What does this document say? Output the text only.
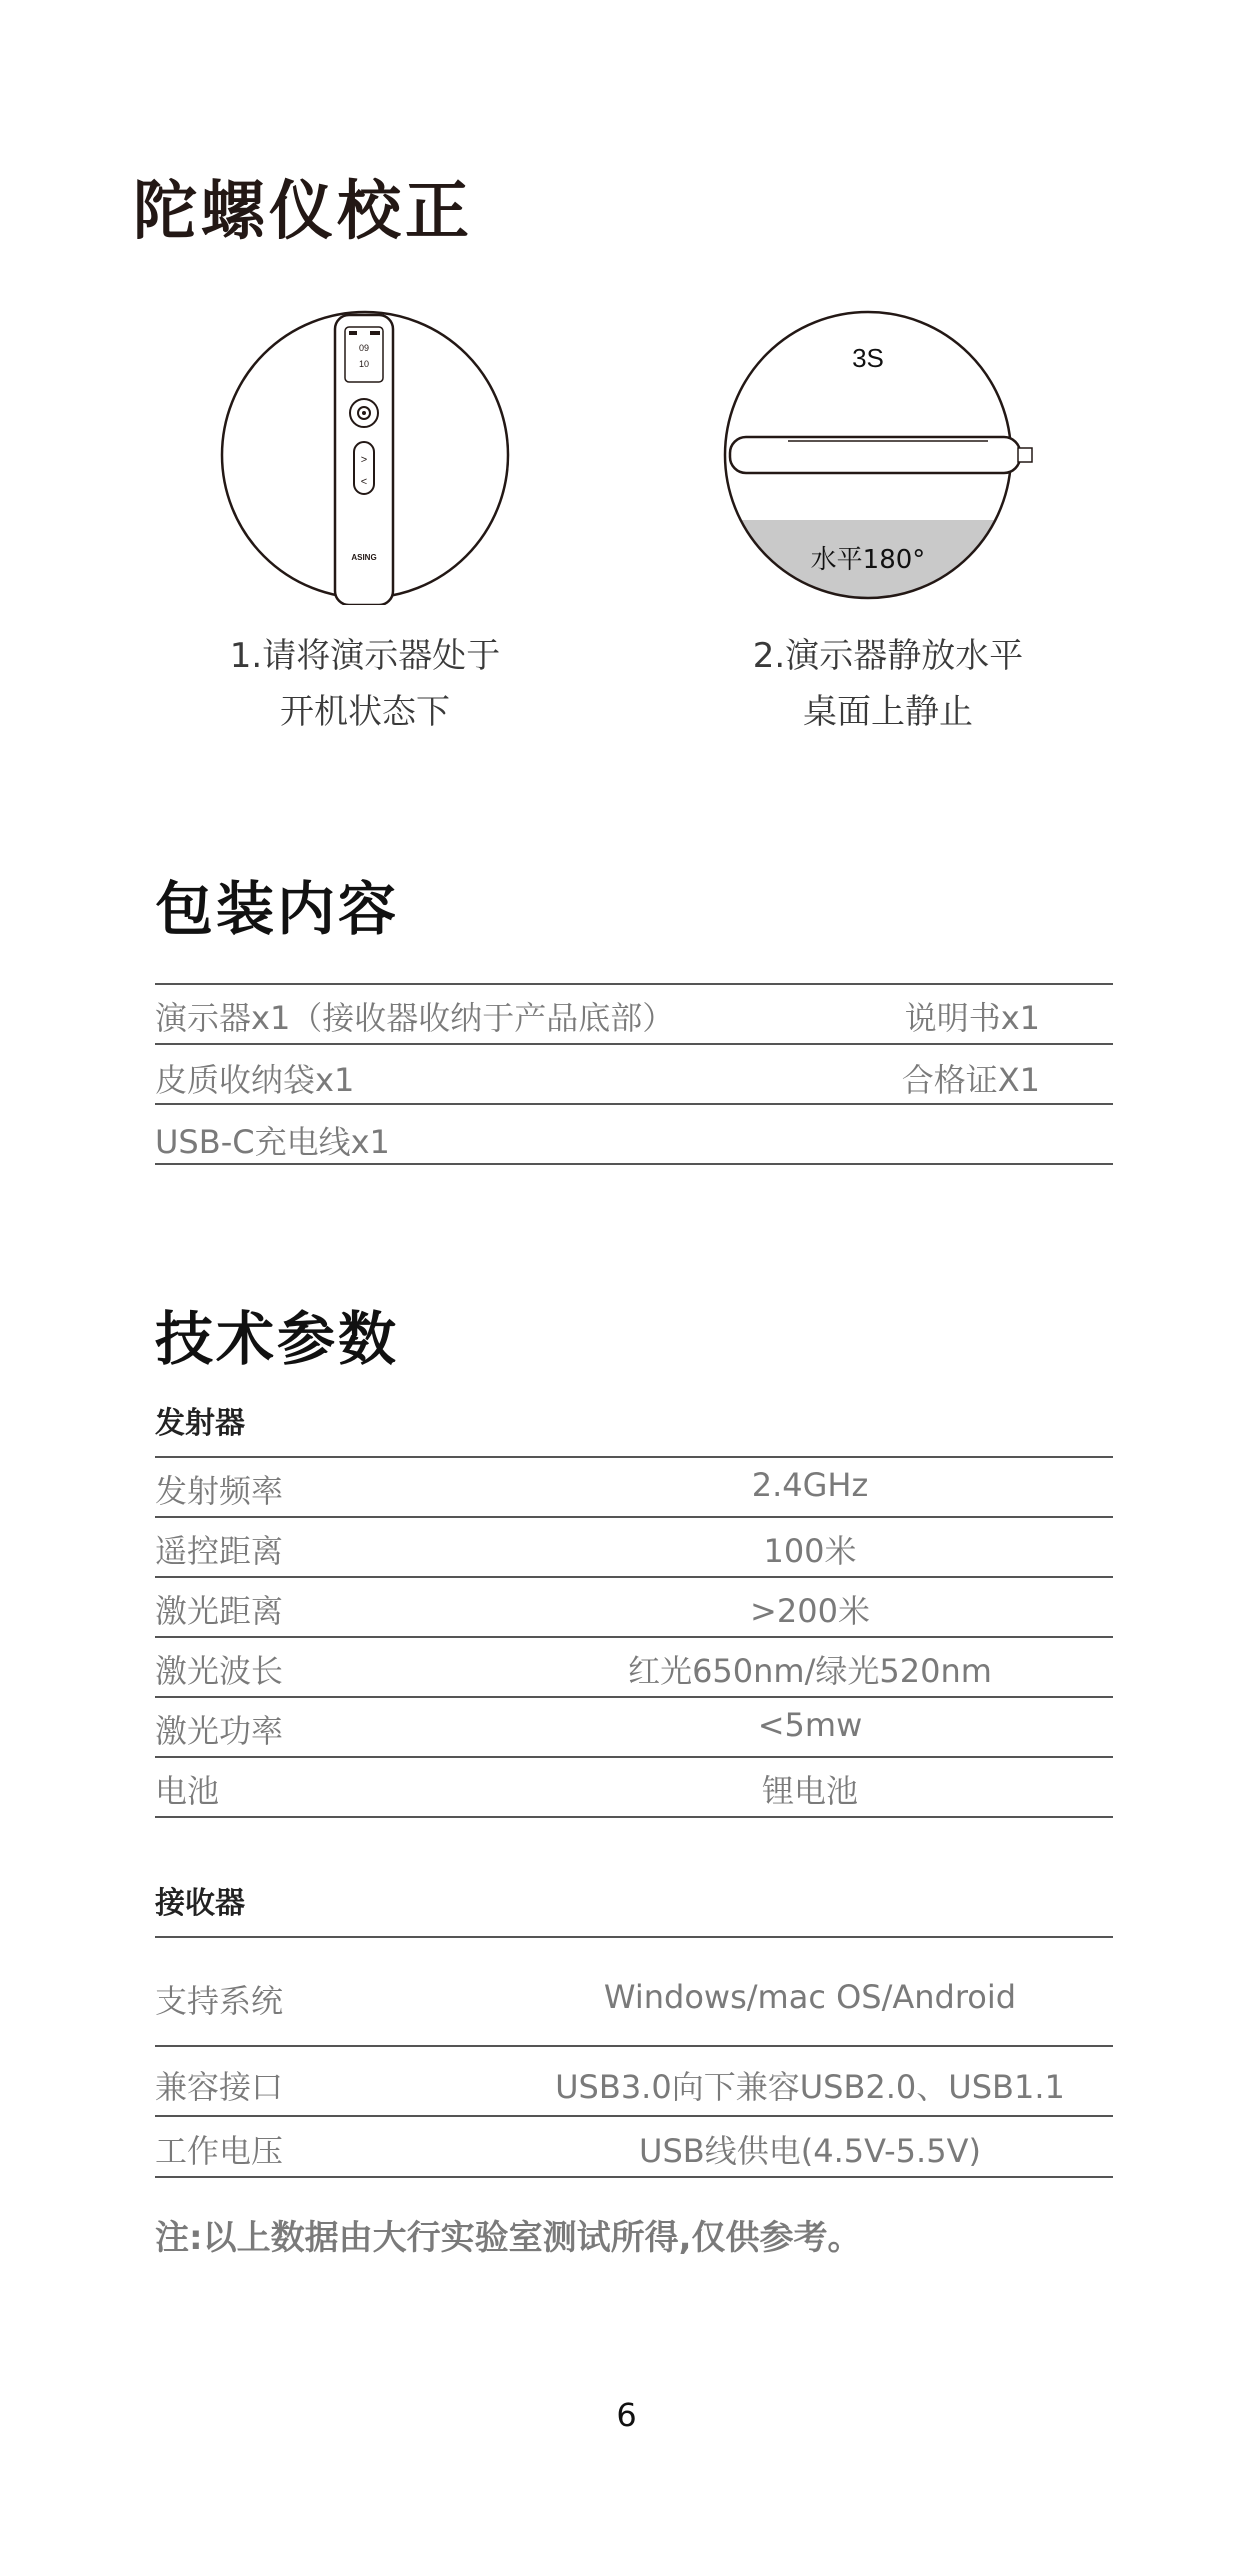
陀螺仪校正
09
10
>
<
ASING
3S
水平180°
1.请将演示器处于
开机状态下
2.演示器静放水平
桌面上静止
包装内容
演示器x1（接收器收纳于产品底部）	说明书x1
皮质收纳袋x1	合格证X1
USB-C充电线x1
技术参数
发射器
发射频率	2.4GHz
遥控距离	100米
激光距离	>200米
激光波长	红光650nm/绿光520nm
激光功率	<5mw
电池	锂电池
接收器
支持系统	Windows/mac OS/Android
兼容接口	USB3.0向下兼容USB2.0、USB1.1
工作电压	USB线供电(4.5V-5.5V)
注:以上数据由大行实验室测试所得,仅供参考。
6
